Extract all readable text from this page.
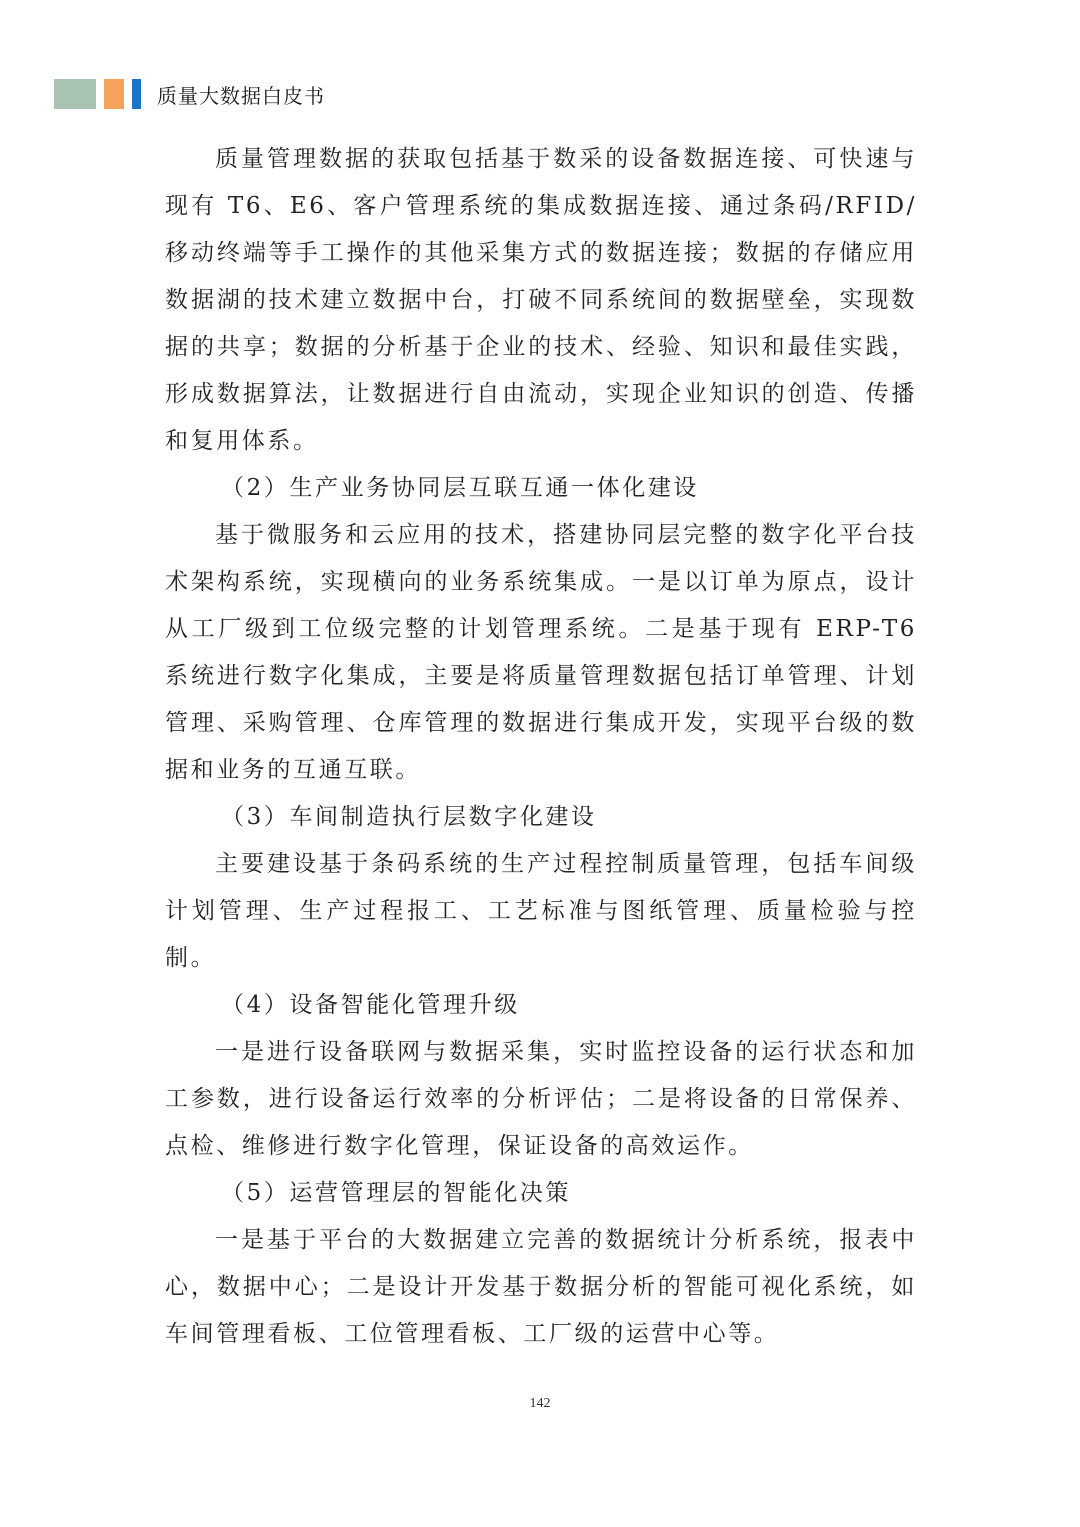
质量大数据白皮书

质量管理数据的获取包括基于数采的设备数据连接、可快速与现有 T6、E6、客户管理系统的集成数据连接、通过条码/RFID/移动终端等手工操作的其他采集方式的数据连接；数据的存储应用数据湖的技术建立数据中台，打破不同系统间的数据壁垒，实现数据的共享；数据的分析基于企业的技术、经验、知识和最佳实践，形成数据算法，让数据进行自由流动，实现企业知识的创造、传播和复用体系。

（2）生产业务协同层互联互通一体化建设

基于微服务和云应用的技术，搭建协同层完整的数字化平台技术架构系统，实现横向的业务系统集成。一是以订单为原点，设计从工厂级到工位级完整的计划管理系统。二是基于现有 ERP-T6 系统进行数字化集成，主要是将质量管理数据包括订单管理、计划管理、采购管理、仓库管理的数据进行集成开发，实现平台级的数据和业务的互通互联。

（3）车间制造执行层数字化建设

主要建设基于条码系统的生产过程控制质量管理，包括车间级计划管理、生产过程报工、工艺标准与图纸管理、质量检验与控制。

（4）设备智能化管理升级

一是进行设备联网与数据采集，实时监控设备的运行状态和加工参数，进行设备运行效率的分析评估；二是将设备的日常保养、点检、维修进行数字化管理，保证设备的高效运作。

（5）运营管理层的智能化决策

一是基于平台的大数据建立完善的数据统计分析系统，报表中心，数据中心；二是设计开发基于数据分析的智能可视化系统，如车间管理看板、工位管理看板、工厂级的运营中心等。

142
